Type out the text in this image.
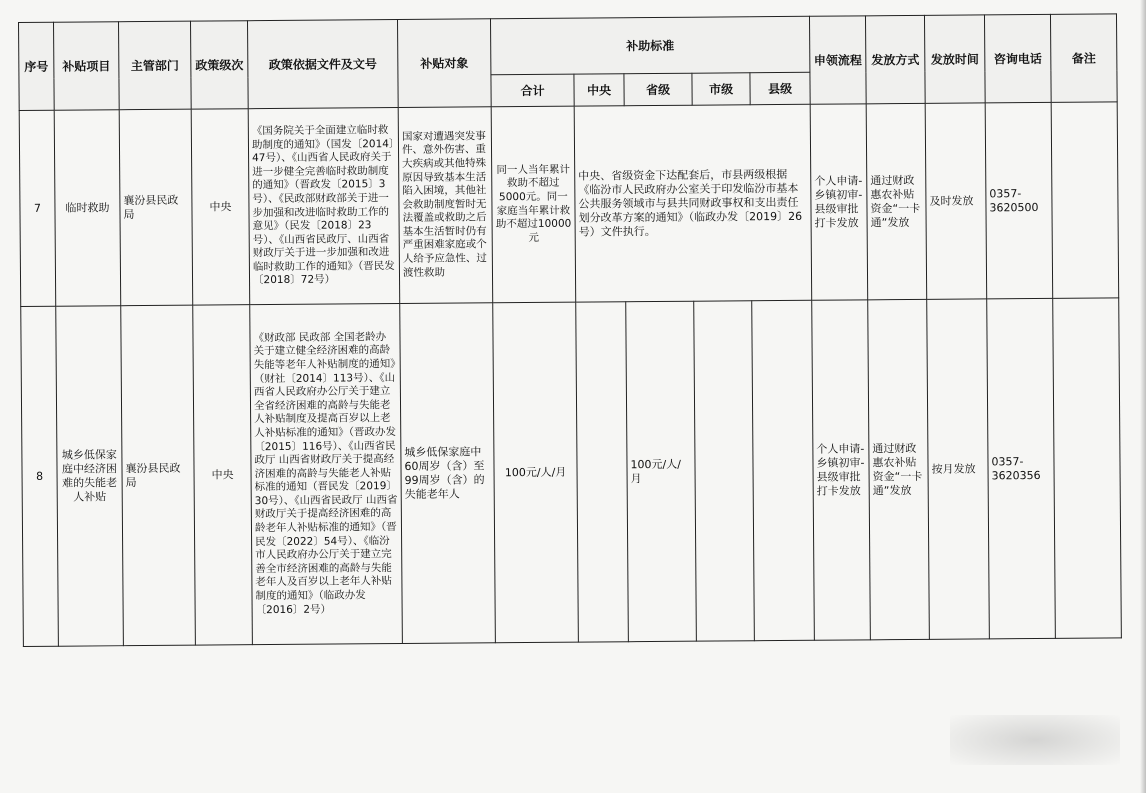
序号	补贴项目	主管部门	政策级次	政策依据文件及文号	补贴对象	补助标准					申领流程	发放方式	发放时间	咨询电话	备注
						合计	中央	省级	市级	县级					
7	临时救助	襄汾县民政局	中央	《国务院关于全面建立临时救助制度的通知》（国发〔2014〕47号）、《山西省人民政府关于进一步健全完善临时救助制度的通知》（晋政发〔2015〕3号）、《民政部财政部关于进一步加强和改进临时救助工作的意见》（民发〔2018〕23号）、《山西省民政厅、山西省财政厅关于进一步加强和改进临时救助工作的通知》（晋民发〔2018〕72号）	国家对遭遇突发事件、意外伤害、重大疾病或其他特殊原因导致基本生活陷入困境，其他社会救助制度暂时无法覆盖或救助之后基本生活暂时仍有严重困难家庭或个人给予应急性、过渡性救助	同一人当年累计救助不超过5000元。同一家庭当年累计救助不超过10000元	中央、省级资金下达配套后，市县两级根据《临汾市人民政府办公室关于印发临汾市基本公共服务领域市与县共同财政事权和支出责任划分改革方案的通知》（临政办发〔2019〕26号）文件执行。				个人申请-乡镇初审-县级审批打卡发放	通过财政惠农补贴资金“一卡通”发放	及时发放	0357-3620500	
8	城乡低保家庭中经济困难的失能老人补贴	襄汾县民政局	中央	《财政部 民政部 全国老龄办关于建立健全经济困难的高龄 失能等老年人补贴制度的通知》（财社〔2014〕113号）、《山西省人民政府办公厅关于建立全省经济困难的高龄与失能老人补贴制度及提高百岁以上老人补贴标准的通知》（晋政办发〔2015〕116号）、《山西省民政厅 山西省财政厅关于提高经济困难的高龄与失能老人补贴标准的通知（晋民发〔2019〕30号）、《山西省民政厅 山西省财政厅关于提高经济困难的高龄老年人补贴标准的通知》（晋民发〔2022〕54号）、《临汾市人民政府办公厅关于建立完善全市经济困难的高龄与失能老年人及百岁以上老年人补贴制度的通知》（临政办发〔2016〕2号）	城乡低保家庭中60周岁（含）至99周岁（含）的失能老年人	100元/人/月		100元/人/月			个人申请-乡镇初审-县级审批打卡发放	通过财政惠农补贴资金“一卡通”发放	按月发放	0357-3620356	
